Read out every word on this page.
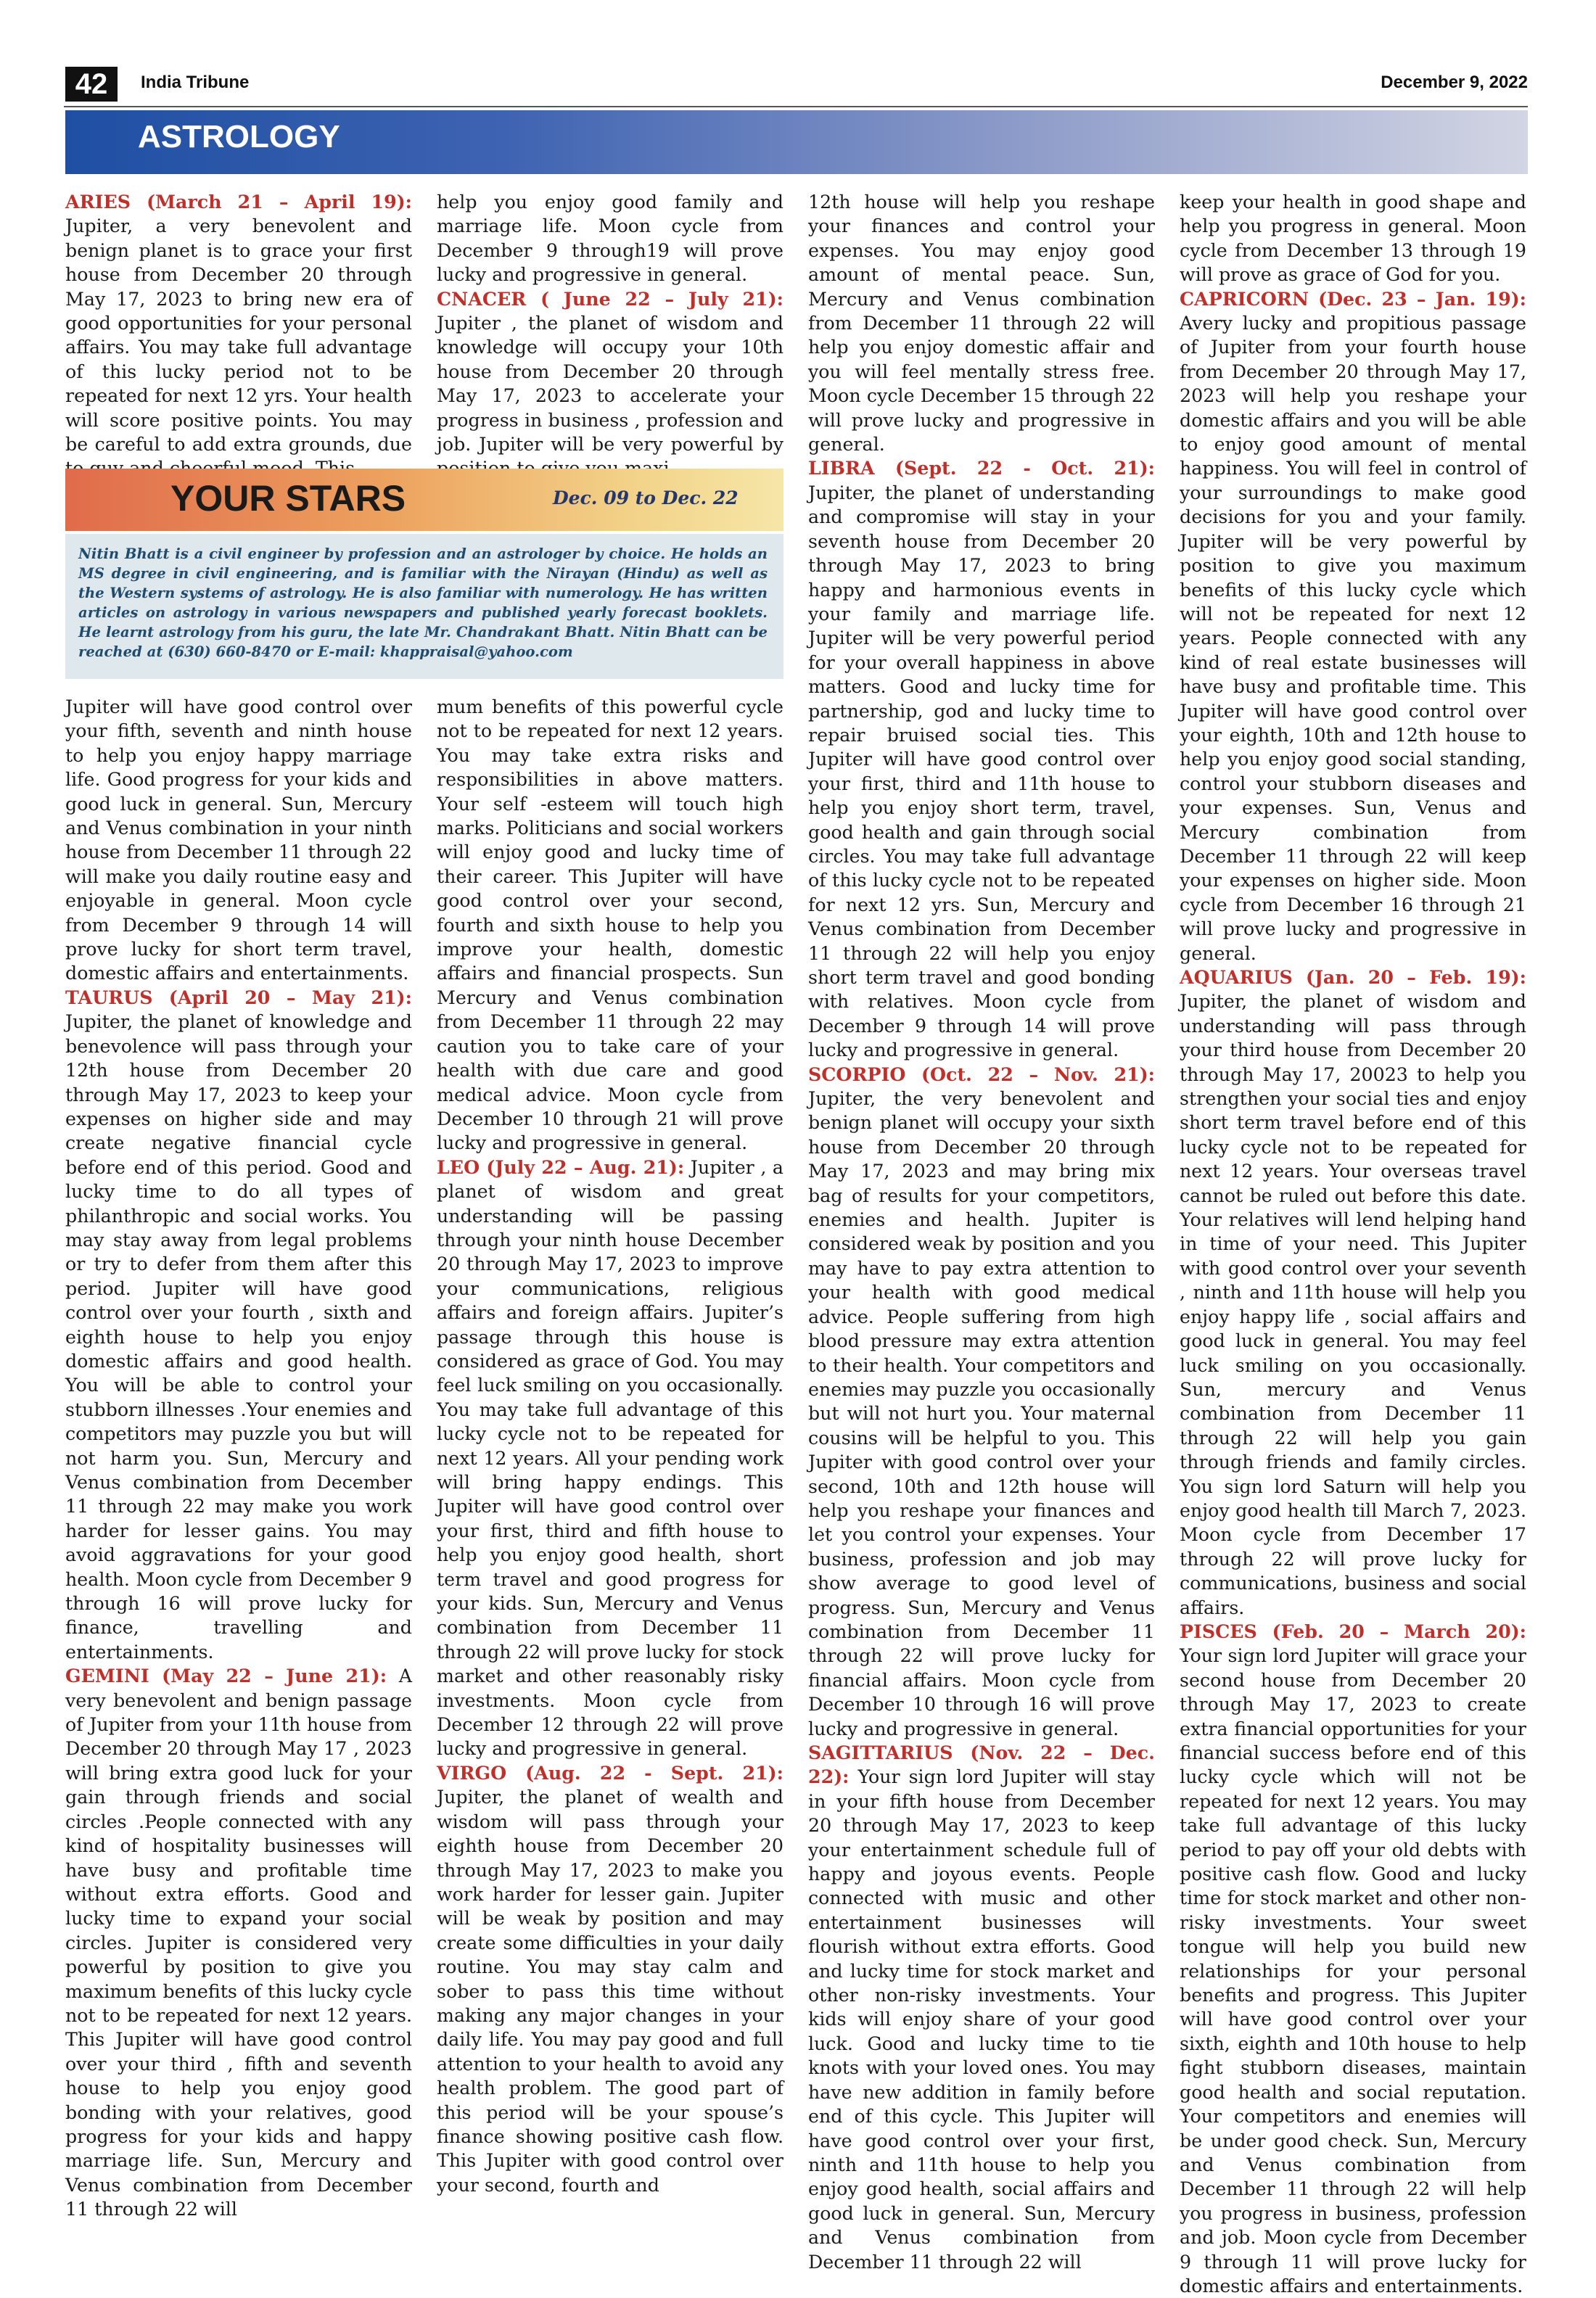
42	India Tribune	December 9, 2022
ASTROLOGY

ARIES (March 21 – April 19): Jupiter, a very benevolent and benign planet is to grace your first house from December 20 through May 17, 2023 to bring new era of good opportunities for your personal affairs. You may take full advantage of this lucky period not to be repeated for next 12 yrs. Your health will score positive points. You may be careful to add extra grounds, due

help you enjoy good family and marriage life. Moon cycle from December 9 through19 will prove lucky and progressive in general.

CNACER ( June 22 – July 21): Jupiter , the planet of wisdom and knowledge will occupy your 10th house from December 20 through May 17, 2023 to accelerate your progress in business , profession and job. Jupiter will be very powerful by

YOUR STARS	Dec. 09 to Dec. 22

Nitin Bhatt is a civil engineer by profession and an astrologer by choice. He holds an MS degree in civil engineering, and is familiar with the Nirayan (Hindu) as well as the Western systems of astrology. He is also familiar with numerology. He has written articles on astrology in various newspapers and published yearly forecast booklets. He learnt astrology from his guru, the late Mr. Chandrakant Bhatt. Nitin Bhatt can be reached at (630) 660-8470 or E-mail: khappraisal@yahoo.com

Jupiter will have good control over your fifth, seventh and ninth house to help you enjoy happy marriage life. Good progress for your kids and good luck in general. Sun, Mercury and Venus combination in your ninth house from December 11 through 22 will make you daily routine easy and enjoyable in general. Moon cycle from December 9 through 14 will prove lucky for short term travel, domestic affairs and entertainments.

TAURUS (April 20 – May 21): Jupiter, the planet of knowledge and benevolence will pass through your 12th house from December 20 through May 17, 2023 to keep your expenses on higher side and may create negative financial cycle before end of this period. Good and lucky time to do all types of philanthropic and social works. You may stay away from legal problems or try to defer from them after this period. Jupiter will have good control over your fourth , sixth and eighth house to help you enjoy domestic affairs and good health. You will be able to control your stubborn illnesses .Your enemies and competitors may puzzle you but will not harm you. Sun, Mercury and Venus combination from December 11 through 22 may make you work harder for lesser gains. You may avoid aggravations for your good health. Moon cycle from December 9 through 16 will prove lucky for finance, travelling and entertainments.

GEMINI (May 22 – June 21): A very benevolent and benign passage of Jupiter from your 11th house from December 20 through May 17 , 2023 will bring extra good luck for your gain through friends and social circles .People connected with any kind of hospitality businesses will have busy and profitable time without extra efforts. Good and lucky time to expand your social circles. Jupiter is considered very powerful by position to give you maximum benefits of this lucky cycle not to be repeated for next 12 years. This Jupiter will have good control over your third , fifth and seventh house to help you enjoy good bonding with your relatives, good progress for your kids and happy marriage life. Sun, Mercury and Venus combination from December 11 through 22 will

mum benefits of this powerful cycle not to be repeated for next 12 years. You may take extra risks and responsibilities in above matters. Your self -esteem will touch high marks. Politicians and social workers will enjoy good and lucky time of their career. This Jupiter will have good control over your second, fourth and sixth house to help you improve your health, domestic affairs and financial prospects. Sun Mercury and Venus combination from December 11 through 22 may caution you to take care of your health with due care and good medical advice. Moon cycle from December 10 through 21 will prove lucky and progressive in general.

LEO (July 22 – Aug. 21): Jupiter , a planet of wisdom and great understanding will be passing through your ninth house December 20 through May 17, 2023 to improve your communications, religious affairs and foreign affairs. Jupiter’s passage through this house is considered as grace of God. You may feel luck smiling on you occasionally. You may take full advantage of this lucky cycle not to be repeated for next 12 years. All your pending work will bring happy endings. This Jupiter will have good control over your first, third and fifth house to help you enjoy good health, short term travel and good progress for your kids. Sun, Mercury and Venus combination from December 11 through 22 will prove lucky for stock market and other reasonably risky investments. Moon cycle from December 12 through 22 will prove lucky and progressive in general.

VIRGO (Aug. 22 - Sept. 21): Jupiter, the planet of wealth and wisdom will pass through your eighth house from December 20 through May 17, 2023 to make you work harder for lesser gain. Jupiter will be weak by position and may create some difficulties in your daily routine. You may stay calm and sober to pass this time without making any major changes in your daily life. You may pay good and full attention to your health to avoid any health problem. The good part of this period will be your spouse’s finance showing positive cash flow. This Jupiter with good control over your second, fourth and

12th house will help you reshape your finances and control your expenses. You may enjoy good amount of mental peace. Sun, Mercury and Venus combination from December 11 through 22 will help you enjoy domestic affair and you will feel mentally stress free. Moon cycle December 15 through 22 will prove lucky and progressive in general.

LIBRA (Sept. 22 - Oct. 21): Jupiter, the planet of understanding and compromise will stay in your seventh house from December 20 through May 17, 2023 to bring happy and harmonious events in your family and marriage life. Jupiter will be very powerful period for your overall happiness in above matters. Good and lucky time for partnership, god and lucky time to repair bruised social ties. This Jupiter will have good control over your first, third and 11th house to help you enjoy short term, travel, good health and gain through social circles. You may take full advantage of this lucky cycle not to be repeated for next 12 yrs. Sun, Mercury and Venus combination from December 11 through 22 will help you enjoy short term travel and good bonding with relatives. Moon cycle from December 9 through 14 will prove lucky and progressive in general.

SCORPIO (Oct. 22 – Nov. 21): Jupiter, the very benevolent and benign planet will occupy your sixth house from December 20 through May 17, 2023 and may bring mix bag of results for your competitors, enemies and health. Jupiter is considered weak by position and you may have to pay extra attention to your health with good medical advice. People suffering from high blood pressure may extra attention to their health. Your competitors and enemies may puzzle you occasionally but will not hurt you. Your maternal cousins will be helpful to you. This Jupiter with good control over your second, 10th and 12th house will help you reshape your finances and let you control your expenses. Your business, profession and job may show average to good level of progress. Sun, Mercury and Venus combination from December 11 through 22 will prove lucky for financial affairs. Moon cycle from December 10 through 16 will prove lucky and progressive in general.

SAGITTARIUS (Nov. 22 – Dec. 22): Your sign lord Jupiter will stay in your fifth house from December 20 through May 17, 2023 to keep your entertainment schedule full of happy and joyous events. People connected with music and other entertainment businesses will flourish without extra efforts. Good and lucky time for stock market and other non-risky investments. Your kids will enjoy share of your good luck. Good and lucky time to tie knots with your loved ones. You may have new addition in family before end of this cycle. This Jupiter will have good control over your first, ninth and 11th house to help you enjoy good health, social affairs and good luck in general. Sun, Mercury and Venus combination from December 11 through 22 will

keep your health in good shape and help you progress in general. Moon cycle from December 13 through 19 will prove as grace of God for you.

CAPRICORN (Dec. 23 – Jan. 19): Avery lucky and propitious passage of Jupiter from your fourth house from December 20 through May 17, 2023 will help you reshape your domestic affairs and you will be able to enjoy good amount of mental happiness. You will feel in control of your surroundings to make good decisions for you and your family. Jupiter will be very powerful by position to give you maximum benefits of this lucky cycle which will not be repeated for next 12 years. People connected with any kind of real estate businesses will have busy and profitable time. This Jupiter will have good control over your eighth, 10th and 12th house to help you enjoy good social standing, control your stubborn diseases and your expenses. Sun, Venus and Mercury combination from December 11 through 22 will keep your expenses on higher side. Moon cycle from December 16 through 21 will prove lucky and progressive in general.

AQUARIUS (Jan. 20 – Feb. 19): Jupiter, the planet of wisdom and understanding will pass through your third house from December 20 through May 17, 20023 to help you strengthen your social ties and enjoy short term travel before end of this lucky cycle not to be repeated for next 12 years. Your overseas travel cannot be ruled out before this date. Your relatives will lend helping hand in time of your need. This Jupiter with good control over your seventh , ninth and 11th house will help you enjoy happy life , social affairs and good luck in general. You may feel luck smiling on you occasionally. Sun, mercury and Venus combination from December 11 through 22 will help you gain through friends and family circles. You sign lord Saturn will help you enjoy good health till March 7, 2023. Moon cycle from December 17 through 22 will prove lucky for communications, business and social affairs.

PISCES (Feb. 20 – March 20): Your sign lord Jupiter will grace your second house from December 20 through May 17, 2023 to create extra financial opportunities for your financial success before end of this lucky cycle which will not be repeated for next 12 years. You may take full advantage of this lucky period to pay off your old debts with positive cash flow. Good and lucky time for stock market and other non-risky investments. Your sweet tongue will help you build new relationships for your personal benefits and progress. This Jupiter will have good control over your sixth, eighth and 10th house to help fight stubborn diseases, maintain good health and social reputation. Your competitors and enemies will be under good check. Sun, Mercury and Venus combination from December 11 through 22 will help you progress in business, profession and job. Moon cycle from December 9 through 11 will prove lucky for domestic affairs and entertainments.
